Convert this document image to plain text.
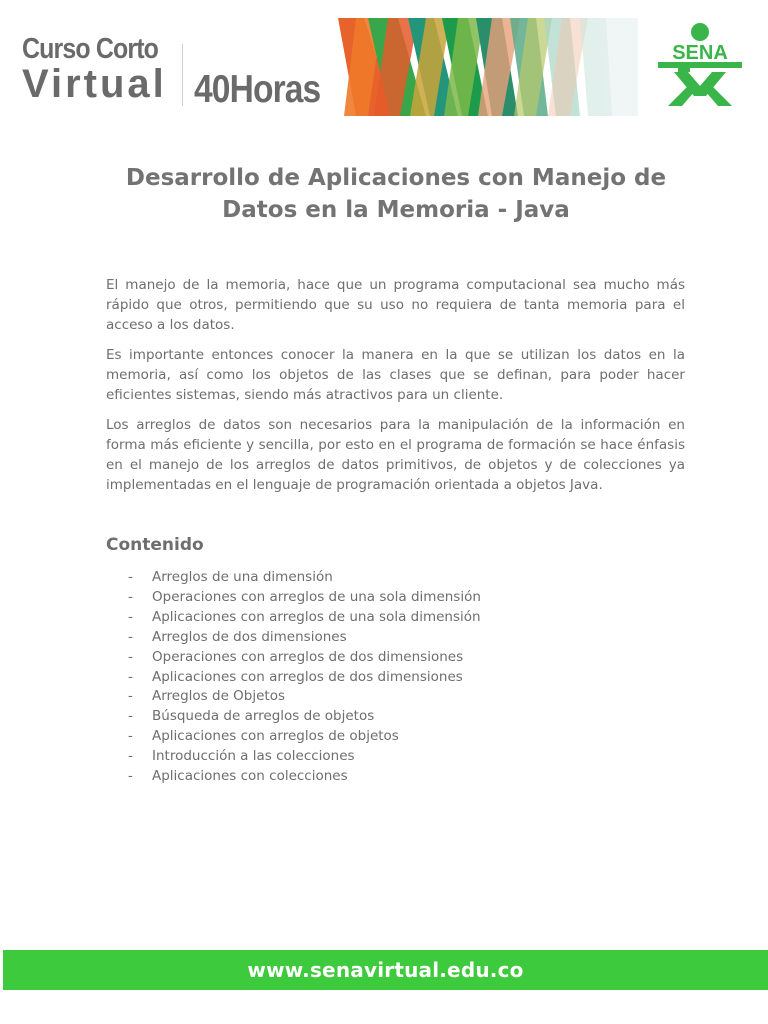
Curso Corto
Virtual 40Horas
SENA
Desarrollo de Aplicaciones con Manejo de Datos en la Memoria - Java

El manejo de la memoria, hace que un programa computacional sea mucho más rápido que otros, permitiendo que su uso no requiera de tanta memoria para el acceso a los datos.

Es importante entonces conocer la manera en la que se utilizan los datos en la memoria, así como los objetos de las clases que se definan, para poder hacer eficientes sistemas, siendo más atractivos para un cliente.

Los arreglos de datos son necesarios para la manipulación de la información en forma más eficiente y sencilla, por esto en el programa de formación se hace énfasis en el manejo de los arreglos de datos primitivos, de objetos y de colecciones ya implementadas en el lenguaje de programación orientada a objetos Java.

Contenido
- Arreglos de una dimensión
- Operaciones con arreglos de una sola dimensión
- Aplicaciones con arreglos de una sola dimensión
- Arreglos de dos dimensiones
- Operaciones con arreglos de dos dimensiones
- Aplicaciones con arreglos de dos dimensiones
- Arreglos de Objetos
- Búsqueda de arreglos de objetos
- Aplicaciones con arreglos de objetos
- Introducción a las colecciones
- Aplicaciones con colecciones
www.senavirtual.edu.co
